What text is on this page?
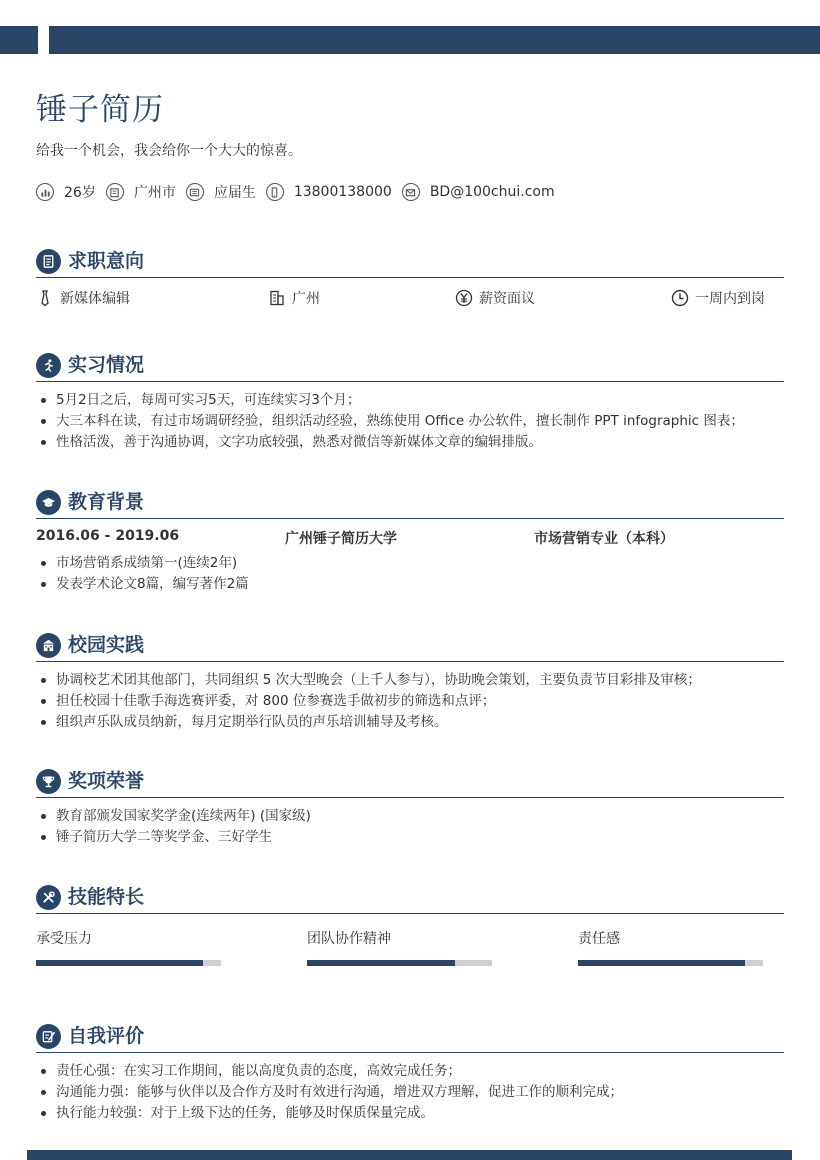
锤子简历
给我一个机会，我会给你一个大大的惊喜。
26岁	广州市	应届生	13800138000	BD@100chui.com
求职意向
新媒体编辑	广州	薪资面议	一周内到岗
实习情况
5月2日之后，每周可实习5天，可连续实习3个月；
大三本科在读，有过市场调研经验，组织活动经验，熟练使用 Office 办公软件，擅长制作 PPT infographic 图表；
性格活泼，善于沟通协调，文字功底较强，熟悉对微信等新媒体文章的编辑排版。
教育背景
2016.06 - 2019.06	广州锤子简历大学	市场营销专业（本科）
市场营销系成绩第一(连续2年)
发表学术论文8篇，编写著作2篇
校园实践
协调校艺术团其他部门，共同组织 5 次大型晚会（上千人参与），协助晚会策划，主要负责节目彩排及审核；
担任校园十佳歌手海选赛评委，对 800 位参赛选手做初步的筛选和点评；
组织声乐队成员纳新，每月定期举行队员的声乐培训辅导及考核。
奖项荣誉
教育部颁发国家奖学金(连续两年) (国家级)
锤子简历大学二等奖学金、三好学生
技能特长
承受压力	团队协作精神	责任感
自我评价
责任心强：在实习工作期间，能以高度负责的态度，高效完成任务；
沟通能力强：能够与伙伴以及合作方及时有效进行沟通，增进双方理解，促进工作的顺利完成；
执行能力较强：对于上级下达的任务，能够及时保质保量完成。
